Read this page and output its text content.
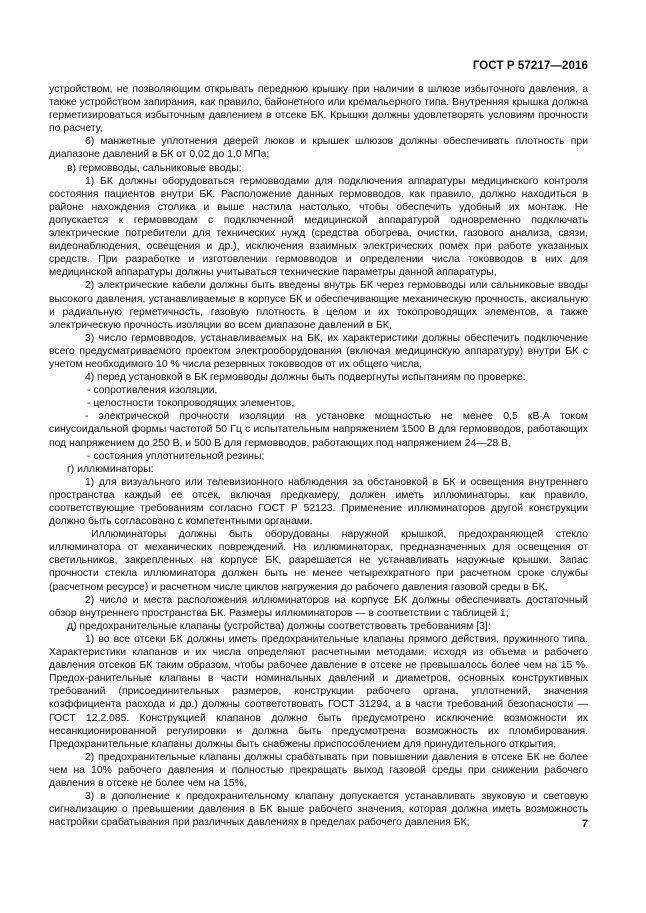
ГОСТ Р 57217—2016

устройством, не позволяющим открывать переднюю крышку при наличии в шлюзе избыточного давления, а также устройством запирания, как правило, байонетного или кремальерного типа. Внутренняя крышка должна герметизироваться избыточным давлением в отсеке БК. Крышки должны удовлетворять условиям прочности по расчету,

6) манжетные уплотнения дверей люков и крышек шлюзов должны обеспечивать плотность при диапазоне давлений в БК от 0,02 до 1,0 МПа;

в) гермовводы, сальниковые вводы:

1) БК должны оборудоваться гермовводами для подключения аппаратуры медицинского контроля состояния пациентов внутри БК. Расположение данных гермовводов, как правило, должно находиться в районе нахождения столика и выше настила настолько, чтобы обеспечить удобный их монтаж. Не допускается к гермовводам с подключенной медицинской аппаратурой одновременно подключать электрические потребители для технических нужд (средства обогрева, очистки, газового анализа, связи, видеонаблюдения, освещения и др.), исключения взаимных электрических помех при работе указанных средств. При разработке и изготовлении гермовводов и определении числа токовводов в них для медицинской аппаратуры должны учитываться технические параметры данной аппаратуры,

2) электрические кабели должны быть введены внутрь БК через гермовводы или сальниковые вводы высокого давления, устанавливаемые в корпусе БК и обеспечивающие механическую прочность, аксиальную и радиальную герметичность, газовую плотность в целом и их токопроводящих элементов, а также электрическую прочность изоляции во всем диапазоне давлений в БК,

3) число гермовводов, устанавливаемых на БК, их характеристики должны обеспечить подключение всего предусматриваемого проектом электрооборудования (включая медицинскую аппаратуру) внутри БК с учетом необходимого 10 % числа резервных токовводов от их общего числа,

4) перед установкой в БК гермовводы должны быть подвергнуты испытаниям по проверке:

- сопротивления изоляции,

- целостности токопроводящих элементов,

- электрической прочности изоляции на установке мощностью не менее 0,5 кВ·А током синусоидальной формы частотой 50 Гц с испытательным напряжением 1500 В для гермовводов, работающих под напряжением до 250 В, и 500 В для гермовводов, работающих под напряжением 24—28 В,

- состояния уплотнительной резины;

г) иллюминаторы:

1) для визуального или телевизионного наблюдения за обстановкой в БК и освещения внутреннего пространства каждый ее отсек, включая предкамеру, должен иметь иллюминаторы, как правило, соответствующие требованиям согласно ГОСТ Р 52123. Применение иллюминаторов другой конструкции должно быть согласовано с компетентными органами.

Иллюминаторы должны быть оборудованы наружной крышкой, предохраняющей стекло иллюминатора от механических повреждений. На иллюминаторах, предназначенных для освещения от светильников, закрепленных на корпусе БК, разрешается не устанавливать наружные крышки. Запас прочности стекла иллюминатора должен быть не менее четырехкратного при расчетном сроке службы (расчетном ресурсе) и расчетном числе циклов нагружения до рабочего давления газовой среды в БК,

2) число и места расположения иллюминаторов на корпусе БК должны обеспечивать достаточный обзор внутреннего пространства БК. Размеры иллюминаторов — в соответствии с таблицей 1;

д) предохранительные клапаны (устройства) должны соответствовать требованиям [3]:

1) во все отсеки БК должны иметь предохранительные клапаны прямого действия, пружинного типа. Характеристики клапанов и их числа определяют расчетными методами, исходя из объема и рабочего давления отсеков БК таким образом, чтобы рабочее давление в отсеке не превышалось более чем на 15 %. Предох-ранительные клапаны в части номинальных давлений и диаметров, основных конструктивных требований (присоединительных размеров, конструкции рабочего органа, уплотнений, значения коэффициента расхода и др.) должны соответствовать ГОСТ 31294, а в части требований безопасности — ГОСТ 12.2.085. Конструкцией клапанов должно быть предусмотрено исключение возможности их несанкционированной регулировки и должна быть предусмотрена возможность их пломбирования. Предохранительные клапаны должны быть снабжены приспособлением для принудительного открытия,

2) предохранительные клапаны должны срабатывать при повышении давления в отсеке БК не более чем на 10% рабочего давления и полностью прекращать выход газовой среды при снижении рабочего давления в отсеке не более чем на 15%,

3) в дополнение к предохранительному клапану допускается устанавливать звуковую и световую сигнализацию о превышении давления в БК выше рабочего значения, которая должна иметь возможность настройки срабатывания при различных давлениях в пределах рабочего давления БК;	7
